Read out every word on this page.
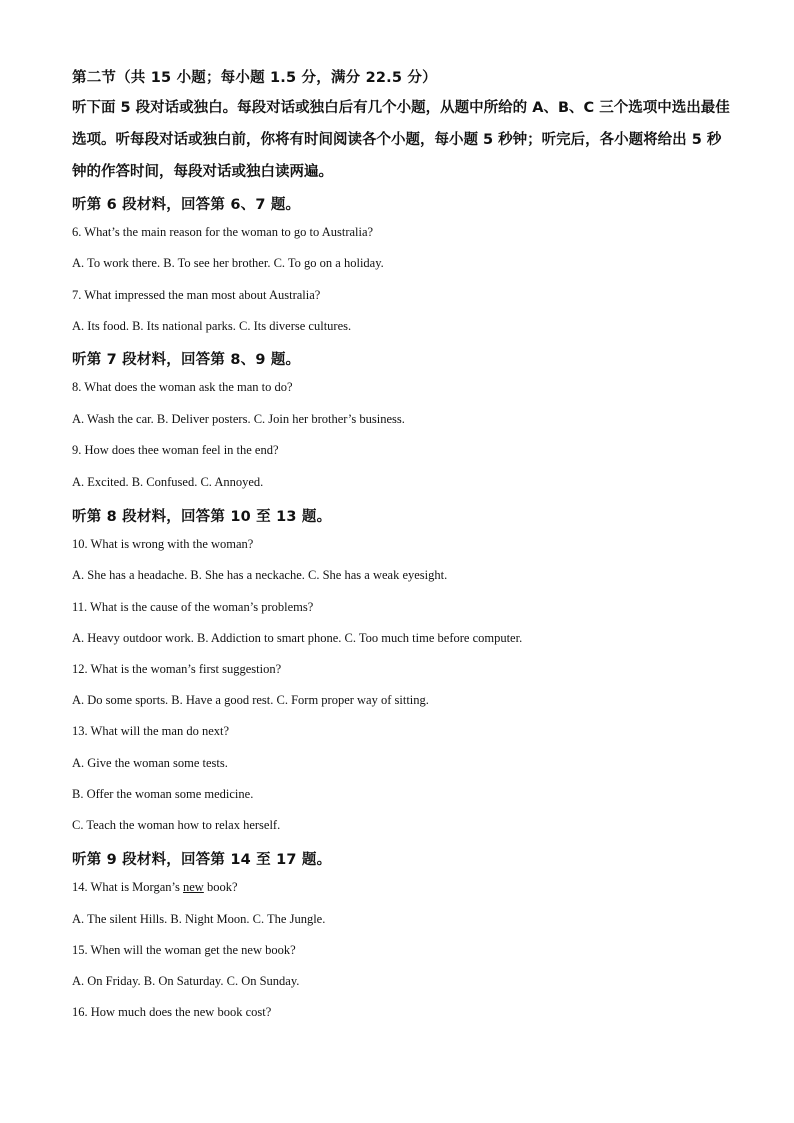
第二节（共 15 小题；每小题 1.5 分，满分 22.5 分）
听下面 5 段对话或独白。每段对话或独白后有几个小题，从题中所给的 A、B、C 三个选项中选出最佳选项。听每段对话或独白前，你将有时间阅读各个小题，每小题 5 秒钟；听完后，各小题将给出 5 秒钟的作答时间，每段对话或独白读两遍。
听第 6 段材料，回答第 6、7 题。
6. What’s the main reason for the woman to go to Australia?
A. To work there. B. To see her brother. C. To go on a holiday.
7. What impressed the man most about Australia?
A. Its food. B. Its national parks. C. Its diverse cultures.
听第 7 段材料，回答第 8、9 题。
8. What does the woman ask the man to do?
A. Wash the car. B. Deliver posters. C. Join her brother’s business.
9. How does thee woman feel in the end?
A. Excited. B. Confused. C. Annoyed.
听第 8 段材料，回答第 10 至 13 题。
10. What is wrong with the woman?
A. She has a headache. B. She has a neckache. C. She has a weak eyesight.
11. What is the cause of the woman’s problems?
A. Heavy outdoor work. B. Addiction to smart phone. C. Too much time before computer.
12. What is the woman’s first suggestion?
A. Do some sports. B. Have a good rest. C. Form proper way of sitting.
13. What will the man do next?
A. Give the woman some tests.
B. Offer the woman some medicine.
C. Teach the woman how to relax herself.
听第 9 段材料，回答第 14 至 17 题。
14. What is Morgan’s new book?
A. The silent Hills. B. Night Moon. C. The Jungle.
15. When will the woman get the new book?
A. On Friday. B. On Saturday. C. On Sunday.
16. How much does the new book cost?
